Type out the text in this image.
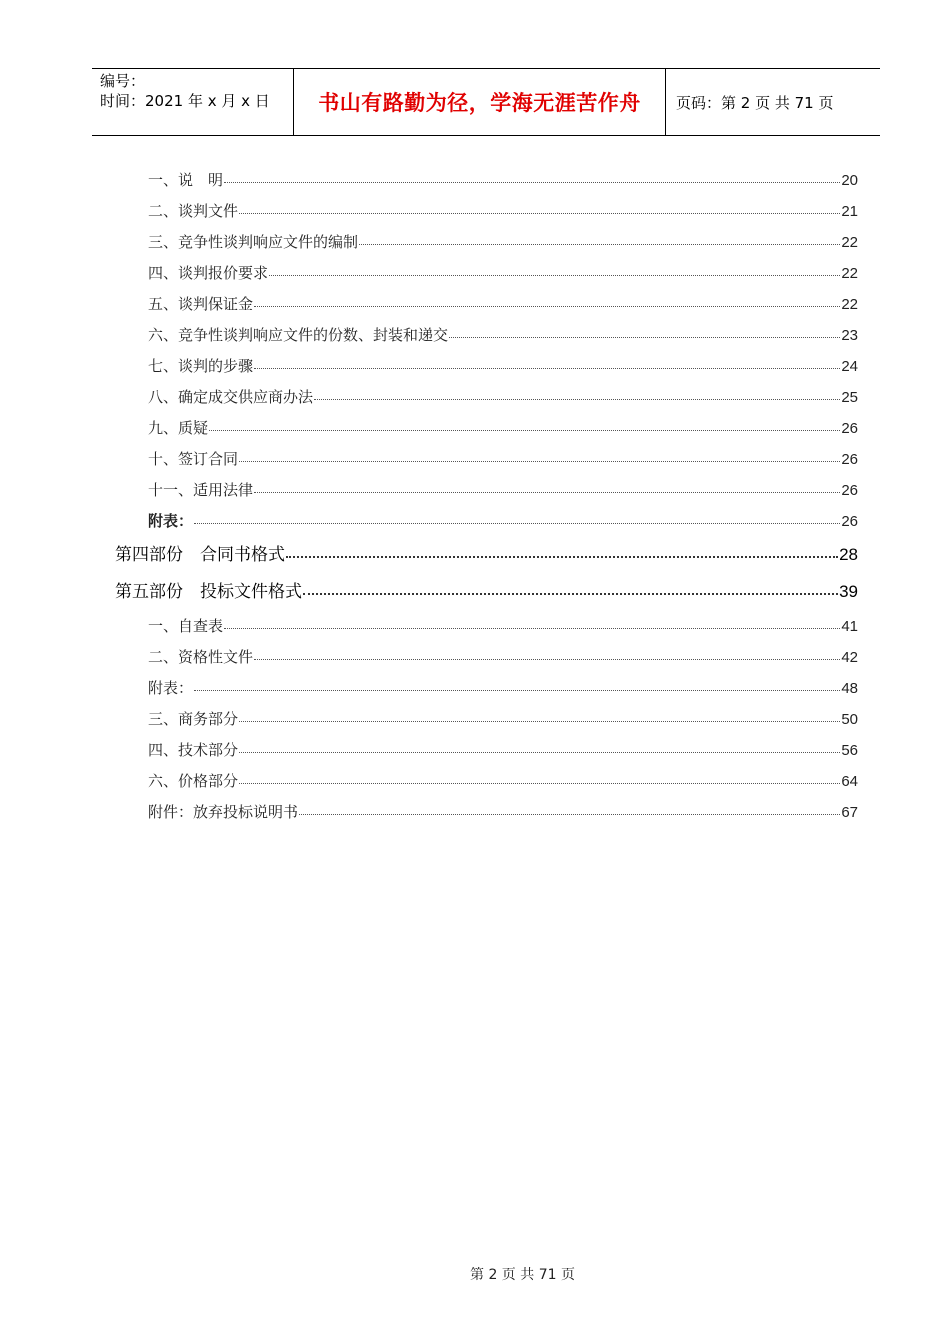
编号：
时间：2021 年 x 月 x 日	书山有路勤为径，学海无涯苦作舟	页码：第 2 页 共 71 页
一、说　明	20
二、谈判文件	21
三、竞争性谈判响应文件的编制	22
四、谈判报价要求	22
五、谈判保证金	22
六、竞争性谈判响应文件的份数、封装和递交	23
七、谈判的步骤	24
八、确定成交供应商办法	25
九、质疑	26
十、签订合同	26
十一、适用法律	26
附表：	26
第四部份　合同书格式	28
第五部份　投标文件格式	39
一、自查表	41
二、资格性文件	42
附表：	48
三、商务部分	50
四、技术部分	56
六、价格部分	64
附件：放弃投标说明书	67
第 2 页 共 71 页
